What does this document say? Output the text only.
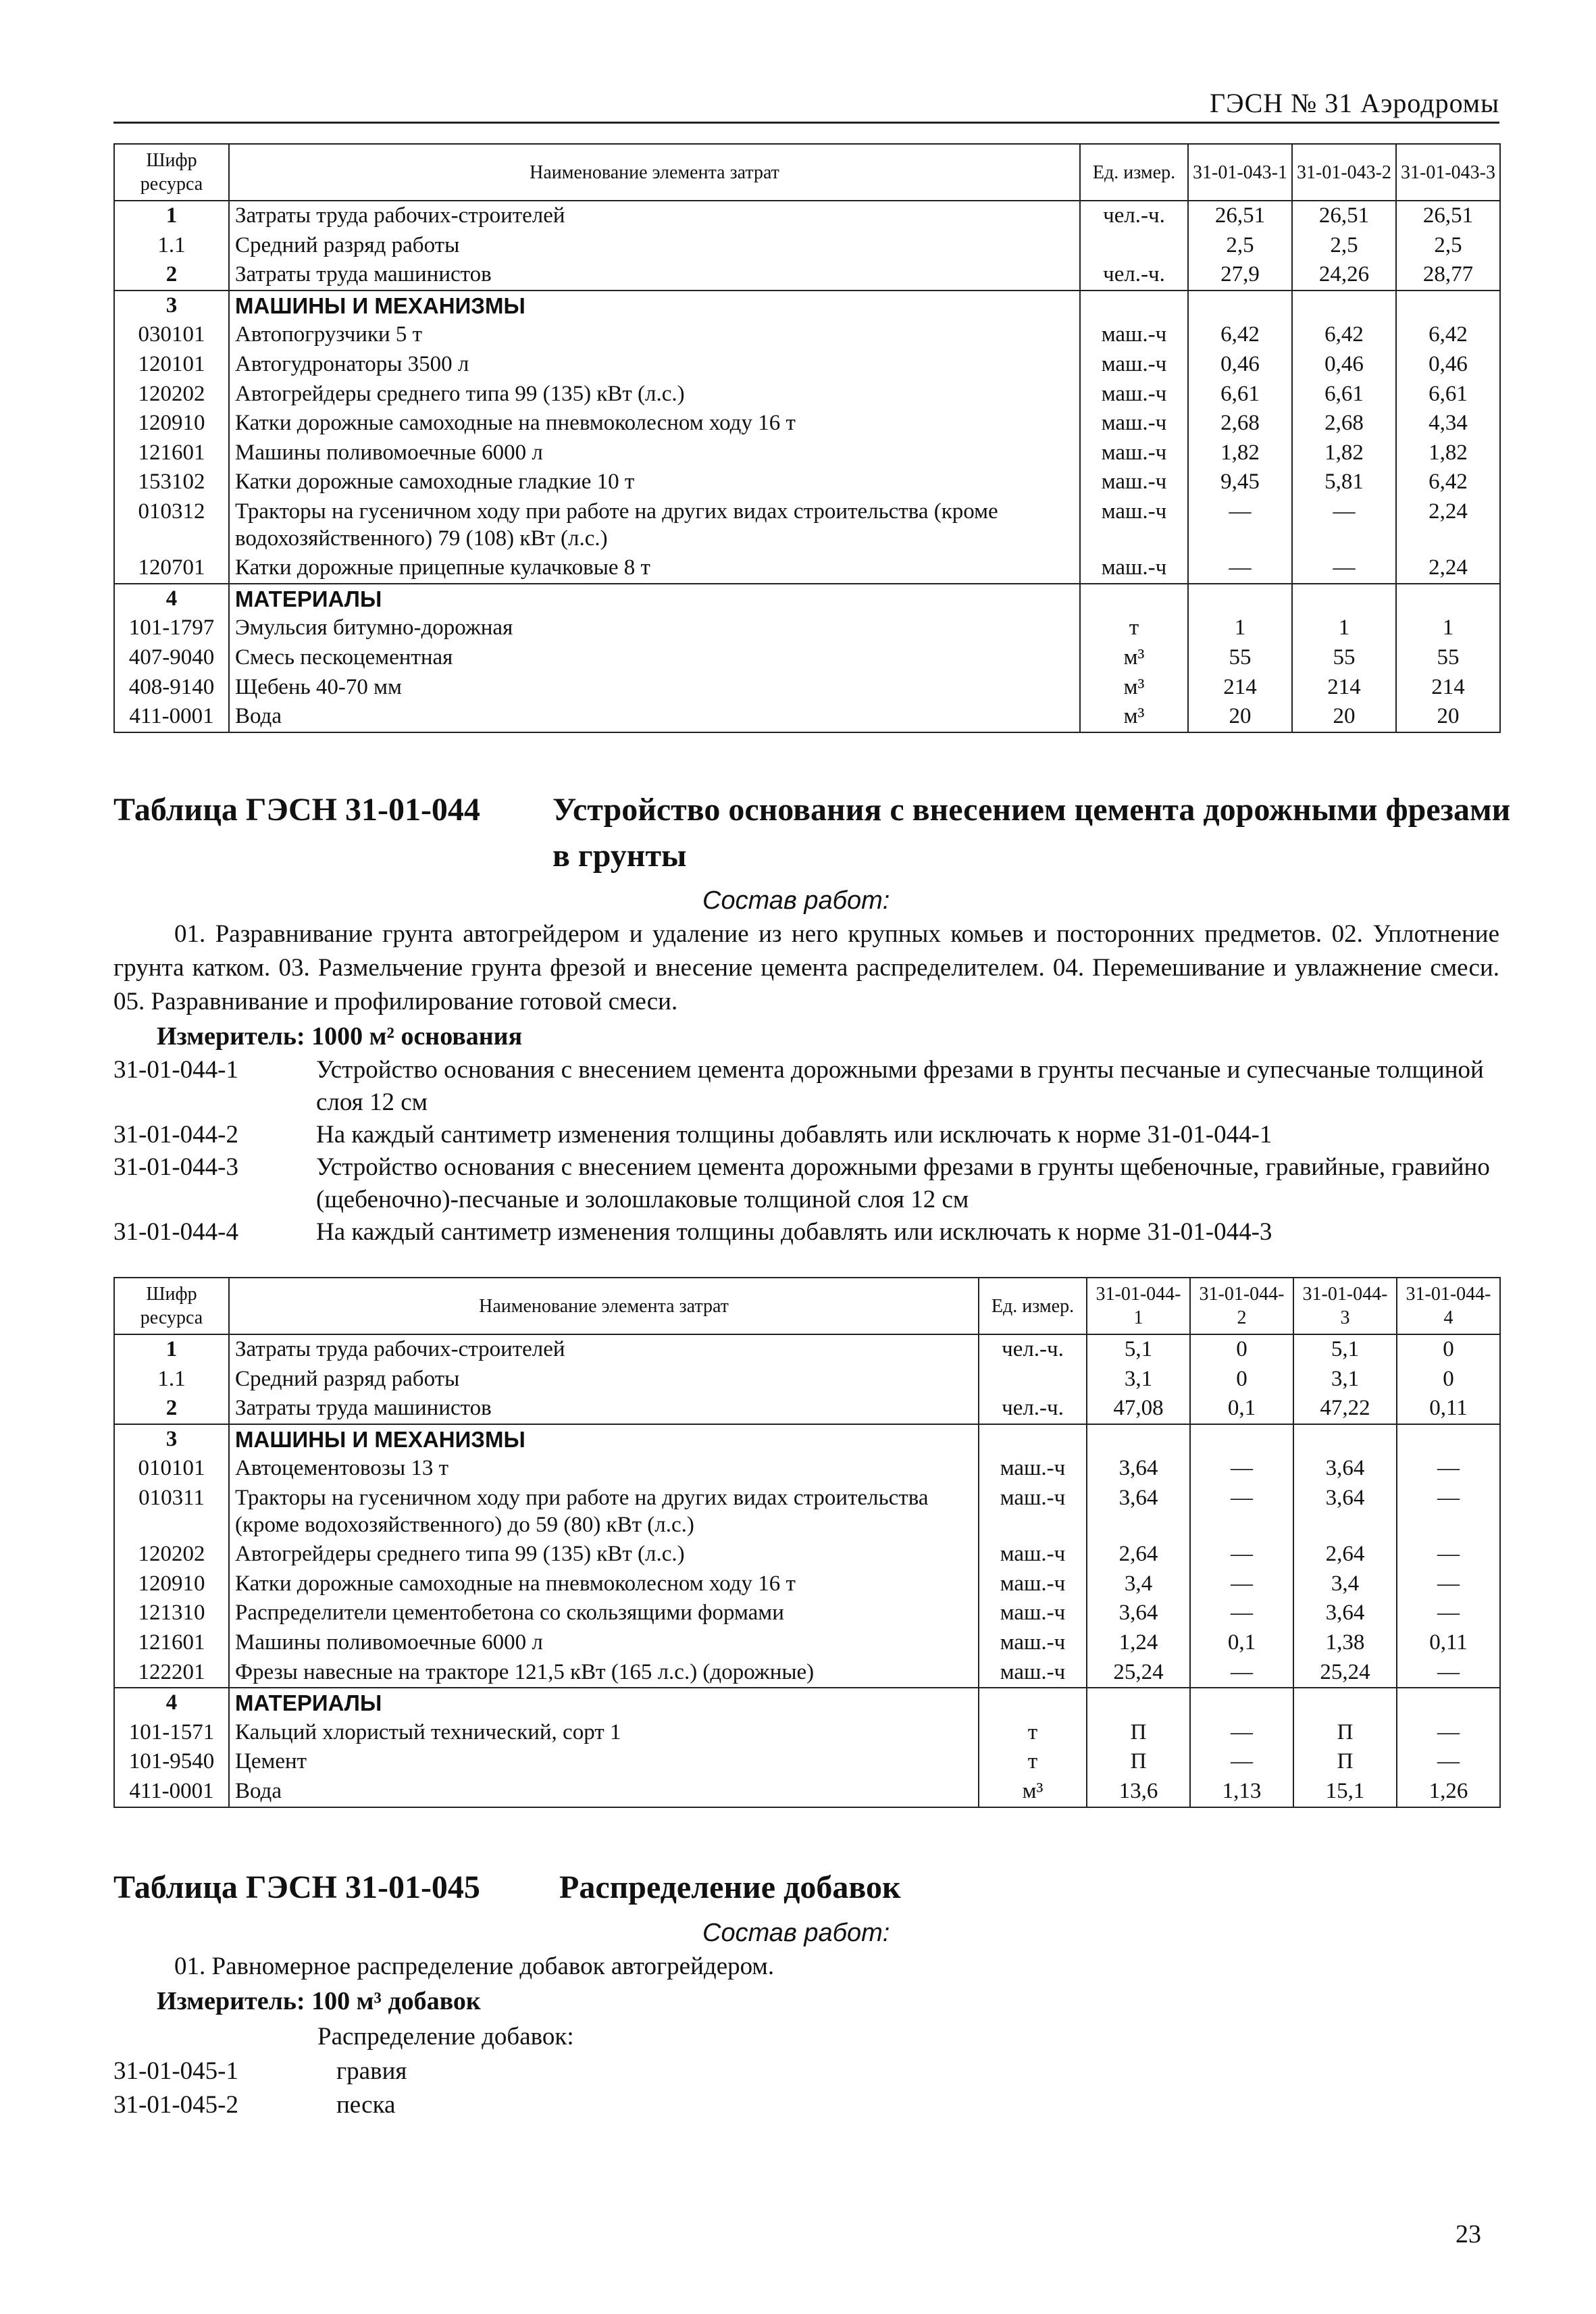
ГЭСН № 31 Аэродромы
Шифр ресурса	Наименование элемента затрат	Ед. измер.	31-01-043-1	31-01-043-2	31-01-043-3
1	Затраты труда рабочих-строителей	чел.-ч.	26,51	26,51	26,51
1.1	Средний разряд работы		2,5	2,5	2,5
2	Затраты труда машинистов	чел.-ч.	27,9	24,26	28,77
3	МАШИНЫ И МЕХАНИЗМЫ				
030101	Автопогрузчики 5 т	маш.-ч	6,42	6,42	6,42
120101	Автогудронаторы 3500 л	маш.-ч	0,46	0,46	0,46
120202	Автогрейдеры среднего типа 99 (135) кВт (л.с.)	маш.-ч	6,61	6,61	6,61
120910	Катки дорожные самоходные на пневмоколесном ходу 16 т	маш.-ч	2,68	2,68	4,34
121601	Машины поливомоечные 6000 л	маш.-ч	1,82	1,82	1,82
153102	Катки дорожные самоходные гладкие 10 т	маш.-ч	9,45	5,81	6,42
010312	Тракторы на гусеничном ходу при работе на других видах строительства (кроме водохозяйственного) 79 (108) кВт (л.с.)	маш.-ч	—	—	2,24
120701	Катки дорожные прицепные кулачковые 8 т	маш.-ч	—	—	2,24
4	МАТЕРИАЛЫ				
101-1797	Эмульсия битумно-дорожная	т	1	1	1
407-9040	Смесь пескоцементная	м³	55	55	55
408-9140	Щебень 40-70 мм	м³	214	214	214
411-0001	Вода	м³	20	20	20
Таблица ГЭСН 31-01-044 Устройство основания с внесением цемента дорожными фрезами в грунты
Состав работ:
01. Разравнивание грунта автогрейдером и удаление из него крупных комьев и посторонних предметов. 02. Уплотнение грунта катком. 03. Размельчение грунта фрезой и внесение цемента распределителем. 04. Перемешивание и увлажнение смеси. 05. Разравнивание и профилирование готовой смеси.
Измеритель: 1000 м² основания
31-01-044-1	Устройство основания с внесением цемента дорожными фрезами в грунты песчаные и супесчаные толщиной слоя 12 см
31-01-044-2	На каждый сантиметр изменения толщины добавлять или исключать к норме 31-01-044-1
31-01-044-3	Устройство основания с внесением цемента дорожными фрезами в грунты щебеночные, гравийные, гравийно (щебеночно)-песчаные и золошлаковые толщиной слоя 12 см
31-01-044-4	На каждый сантиметр изменения толщины добавлять или исключать к норме 31-01-044-3
Шифр ресурса	Наименование элемента затрат	Ед. измер.	31-01-044-1	31-01-044-2	31-01-044-3	31-01-044-4
1	Затраты труда рабочих-строителей	чел.-ч.	5,1	0	5,1	0
1.1	Средний разряд работы		3,1	0	3,1	0
2	Затраты труда машинистов	чел.-ч.	47,08	0,1	47,22	0,11
3	МАШИНЫ И МЕХАНИЗМЫ					
010101	Автоцементовозы 13 т	маш.-ч	3,64	—	3,64	—
010311	Тракторы на гусеничном ходу при работе на других видах строительства (кроме водохозяйственного) до 59 (80) кВт (л.с.)	маш.-ч	3,64	—	3,64	—
120202	Автогрейдеры среднего типа 99 (135) кВт (л.с.)	маш.-ч	2,64	—	2,64	—
120910	Катки дорожные самоходные на пневмоколесном ходу 16 т	маш.-ч	3,4	—	3,4	—
121310	Распределители цементобетона со скользящими формами	маш.-ч	3,64	—	3,64	—
121601	Машины поливомоечные 6000 л	маш.-ч	1,24	0,1	1,38	0,11
122201	Фрезы навесные на тракторе 121,5 кВт (165 л.с.) (дорожные)	маш.-ч	25,24	—	25,24	—
4	МАТЕРИАЛЫ					
101-1571	Кальций хлористый технический, сорт 1	т	П	—	П	—
101-9540	Цемент	т	П	—	П	—
411-0001	Вода	м³	13,6	1,13	15,1	1,26
Таблица ГЭСН 31-01-045 Распределение добавок
Состав работ:
01. Равномерное распределение добавок автогрейдером.
Измеритель: 100 м³ добавок
Распределение добавок:
31-01-045-1	гравия
31-01-045-2	песка
23
